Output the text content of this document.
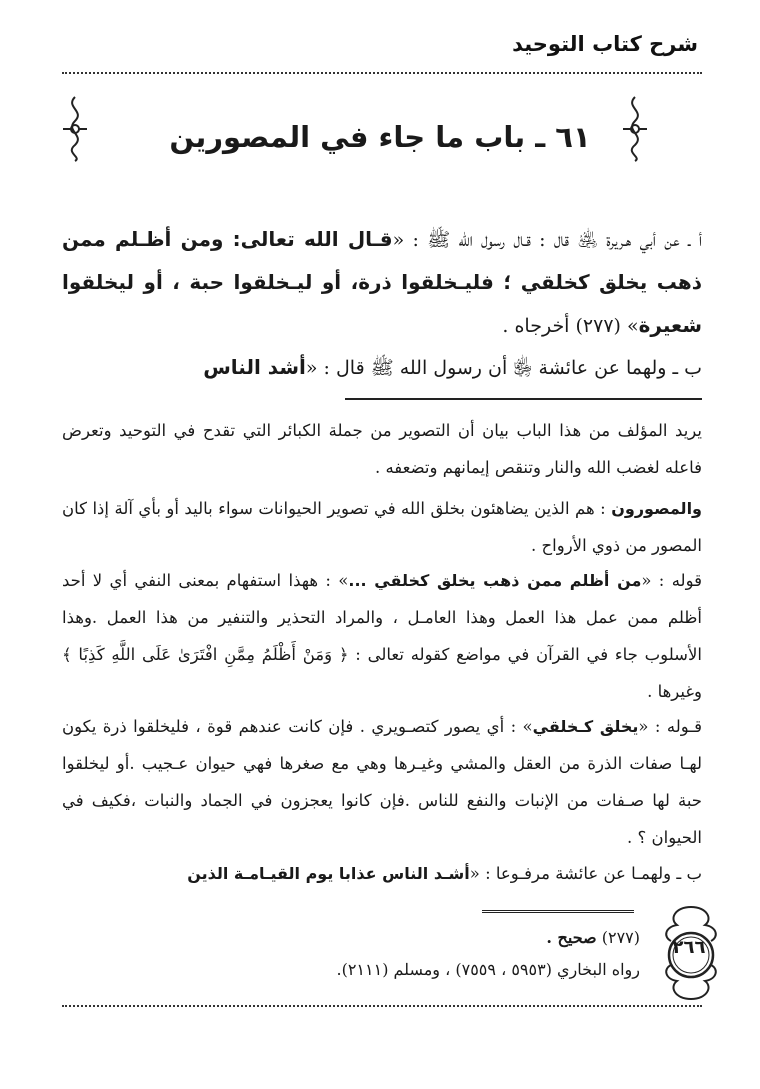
شرح كتاب التوحيد
٦١ ـ باب ما جاء في المصورين
أ ـ عن أبي هـريرة ﵁ قال : قـال رسول الله ﷺ : «قـال الله تعالى: ومن أظـلم ممن ذهب يخلق كخلقي ؛ فليـخلقوا ذرة، أو ليـخلقوا حبة ، أو ليخلقوا شعيرة» (٢٧٧) أخرجاه .
ب ـ ولهما عن عائشة ﵂ أن رسول الله ﷺ قال : «أشد الناس
يريد المؤلف من هذا الباب بيان أن التصوير من جملة الكبائر التي تقدح في التوحيد وتعرض فاعله لغضب الله والنار وتنقص إيمانهم وتضعفه .
والمصورون : هم الذين يضاهئون بخلق الله في تصوير الحيوانات سواء باليد أو بأي آلة إذا كان المصور من ذوي الأرواح .
قوله : «من أظلم ممن ذهب يخلق كخلقي ...» : ههذا استفهام بمعنى النفي أي لا أحد أظلم ممن عمل هذا العمل وهذا العامـل ، والمراد التحذير والتنفير من هذا العمل .وهذا الأسلوب جاء في القرآن في مواضع كقوله تعالى : ﴿ وَمَنْ أَظْلَمُ مِمَّنِ افْتَرَىٰ عَلَى اللَّهِ كَذِبًا ﴾ وغيرها .
قـوله : «يخلق كـخلقي» : أي يصور كتصـويري . فإن كانت عندهم قوة ، فليخلقوا ذرة يكون لهـا صفات الذرة من العقل والمشي وغيـرها وهي مع صغرها فهي حيوان عـجيب .أو ليخلقوا حبة لها صـفات من الإنبات والنفع للناس .فإن كانوا يعجزون في الجماد والنبات ،فكيف في الحيوان ؟ .
ب ـ ولهمـا عن عائشة مرفـوعا : «أشـد الناس عذابا يوم القيـامـة الذين
(٢٧٧) صحيح .
رواه البخاري (٥٩٥٣ ، ٧٥٥٩) ، ومسلم (٢١١١).
٢٦٦
